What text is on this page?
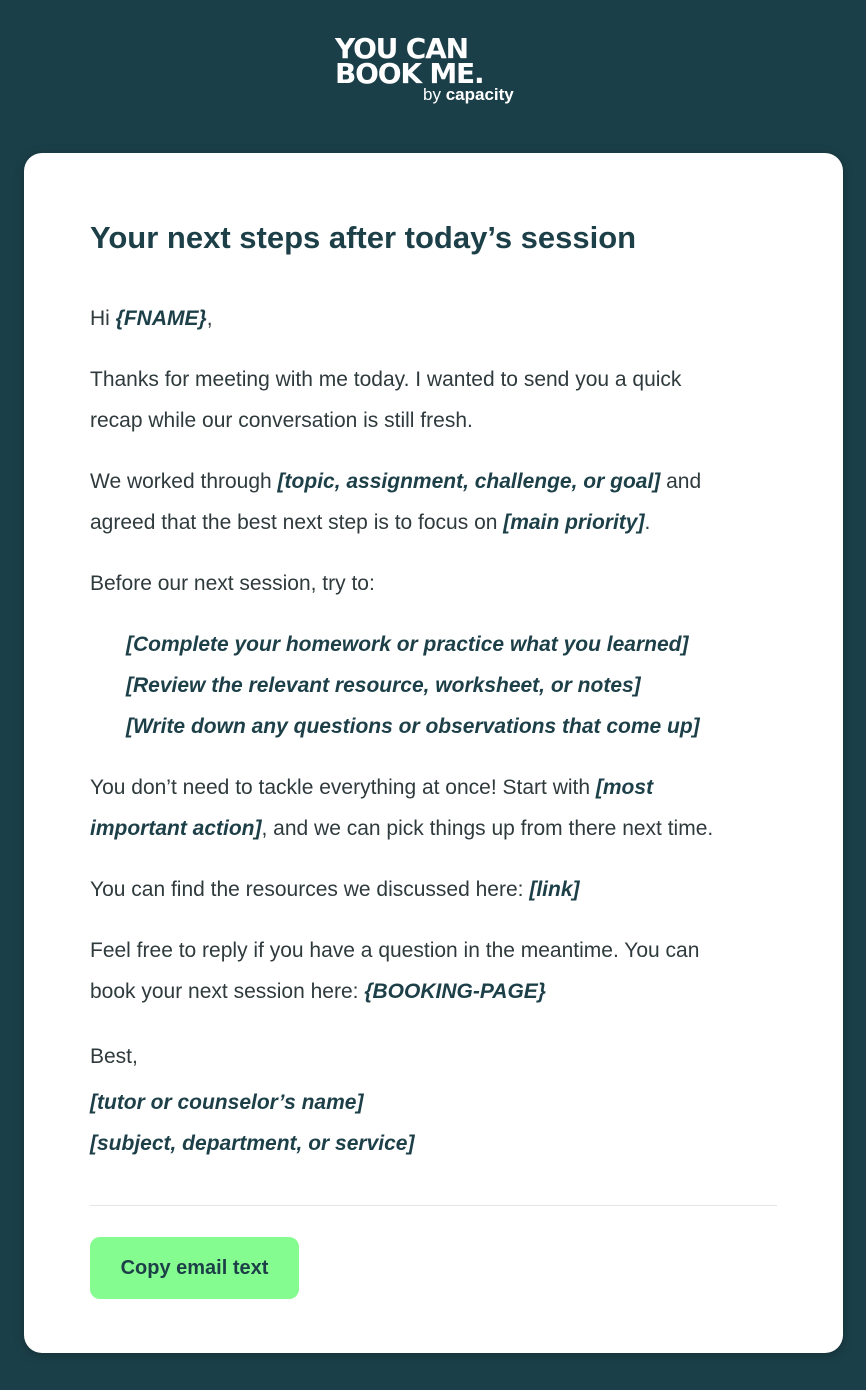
YOU CAN
BOOK ME.
by capacity
Your next steps after today’s session

Hi {FNAME},

Thanks for meeting with me today. I wanted to send you a quick
recap while our conversation is still fresh.

We worked through [topic, assignment, challenge, or goal] and
agreed that the best next step is to focus on [main priority].

Before our next session, try to:

[Complete your homework or practice what you learned]
[Review the relevant resource, worksheet, or notes]
[Write down any questions or observations that come up]

You don’t need to tackle everything at once! Start with [most
important action], and we can pick things up from there next time.

You can find the resources we discussed here: [link]

Feel free to reply if you have a question in the meantime. You can
book your next session here: {BOOKING-PAGE}

Best,

[tutor or counselor’s name]
[subject, department, or service]

Copy email text
